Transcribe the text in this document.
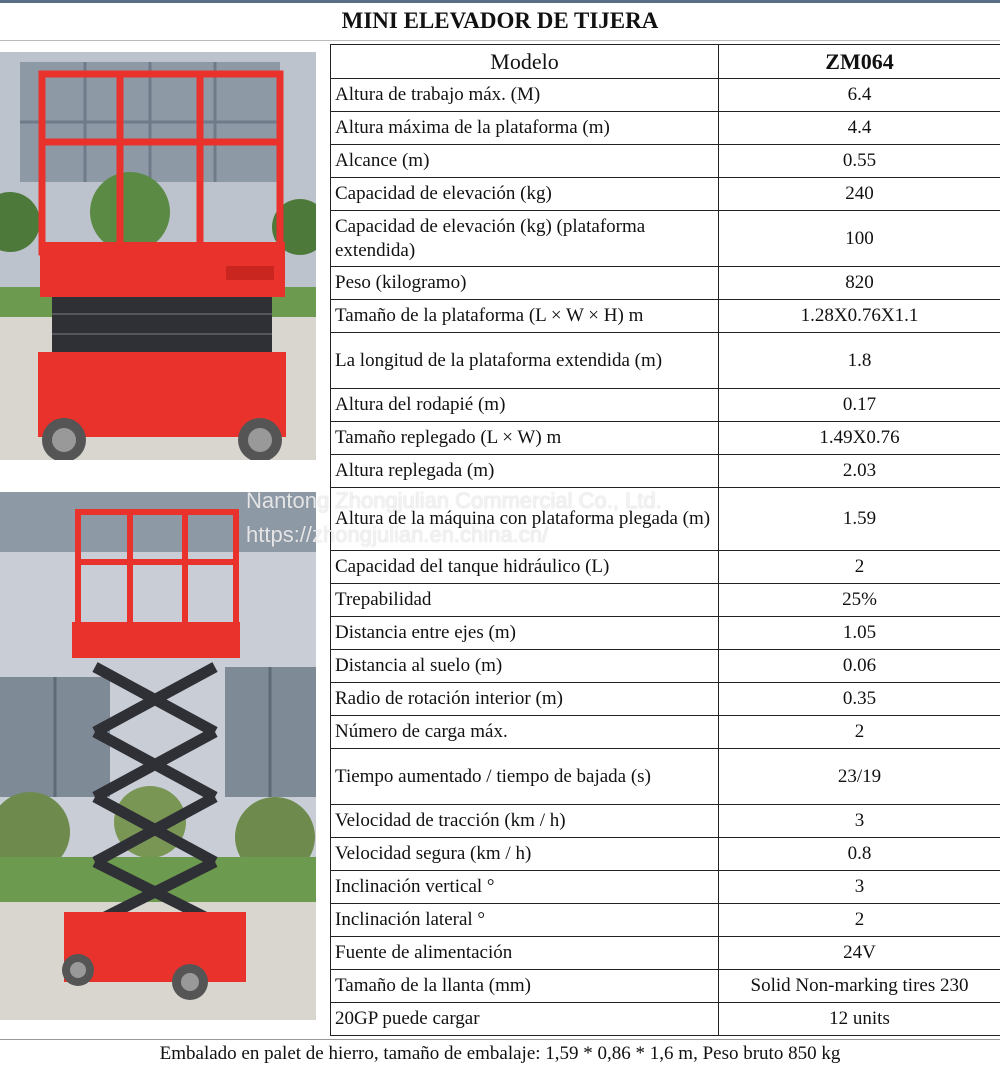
MINI ELEVADOR DE TIJERA
Modelo	ZM064
Altura de trabajo máx. (M)	6.4
Altura máxima de la plataforma (m)	4.4
Alcance (m)	0.55
Capacidad de elevación (kg)	240
Capacidad de elevación (kg) (plataforma extendida)	100
Peso (kilogramo)	820
Tamaño de la plataforma (L × W × H) m	1.28X0.76X1.1
La longitud de la plataforma extendida (m)	1.8
Altura del rodapié (m)	0.17
Tamaño replegado (L × W) m	1.49X0.76
Altura replegada (m)	2.03
Altura de la máquina con plataforma plegada (m)	1.59
Capacidad del tanque hidráulico (L)	2
Trepabilidad	25%
Distancia entre ejes (m)	1.05
Distancia al suelo (m)	0.06
Radio de rotación interior (m)	0.35
Número de carga máx.	2
Tiempo aumentado / tiempo de bajada (s)	23/19
Velocidad de tracción (km / h)	3
Velocidad segura (km / h)	0.8
Inclinación vertical °	3
Inclinación lateral °	2
Fuente de alimentación	24V
Tamaño de la llanta (mm)	Solid Non-marking tires 230
20GP puede cargar	12 units
Embalado en palet de hierro, tamaño de embalaje: 1,59 * 0,86 * 1,6 m, Peso bruto 850 kg
Nantong Zhongjulian Commercial Co., Ltd.
https://zhongjulian.en.china.cn/
